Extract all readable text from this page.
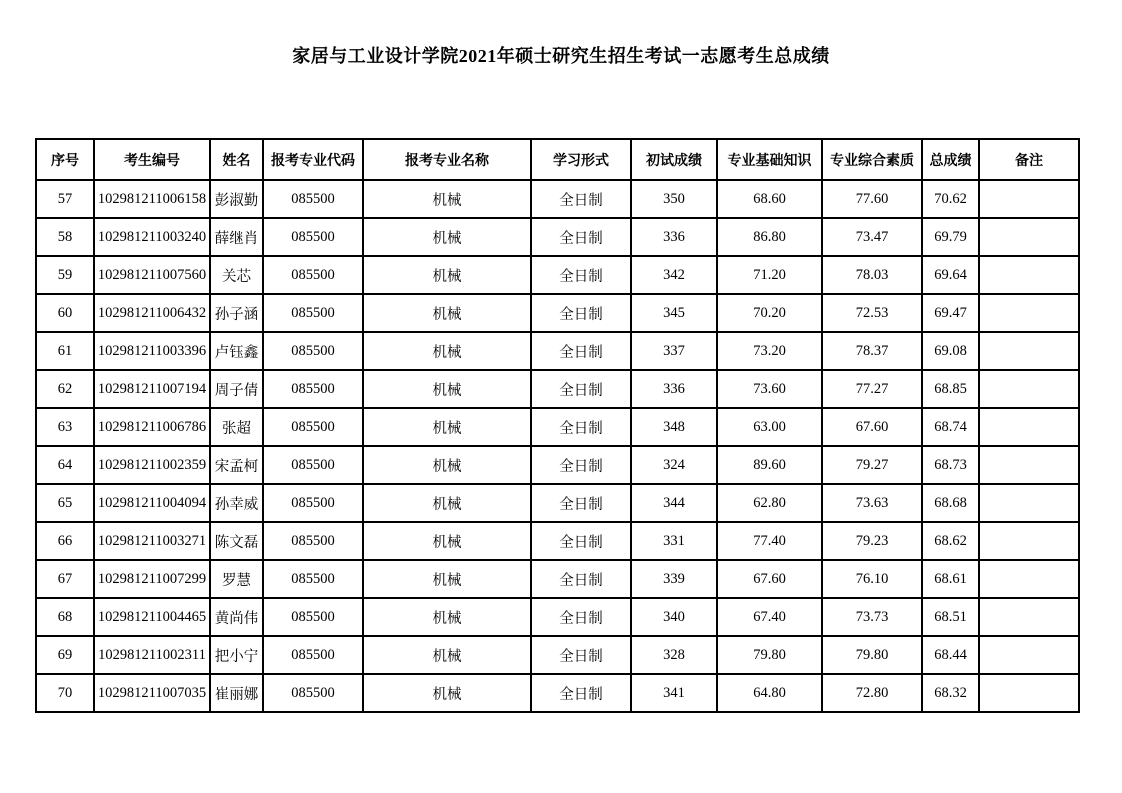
家居与工业设计学院2021年硕士研究生招生考试一志愿考生总成绩
序号	考生编号	姓名	报考专业代码	报考专业名称	学习形式	初试成绩	专业基础知识	专业综合素质	总成绩	备注
57	102981211006158	彭淑勤	085500	机械	全日制	350	68.60	77.60	70.62	
58	102981211003240	薛继肖	085500	机械	全日制	336	86.80	73.47	69.79	
59	102981211007560	关芯	085500	机械	全日制	342	71.20	78.03	69.64	
60	102981211006432	孙子涵	085500	机械	全日制	345	70.20	72.53	69.47	
61	102981211003396	卢钰鑫	085500	机械	全日制	337	73.20	78.37	69.08	
62	102981211007194	周子倩	085500	机械	全日制	336	73.60	77.27	68.85	
63	102981211006786	张超	085500	机械	全日制	348	63.00	67.60	68.74	
64	102981211002359	宋孟柯	085500	机械	全日制	324	89.60	79.27	68.73	
65	102981211004094	孙幸威	085500	机械	全日制	344	62.80	73.63	68.68	
66	102981211003271	陈文磊	085500	机械	全日制	331	77.40	79.23	68.62	
67	102981211007299	罗慧	085500	机械	全日制	339	67.60	76.10	68.61	
68	102981211004465	黄尚伟	085500	机械	全日制	340	67.40	73.73	68.51	
69	102981211002311	把小宁	085500	机械	全日制	328	79.80	79.80	68.44	
70	102981211007035	崔丽娜	085500	机械	全日制	341	64.80	72.80	68.32	
